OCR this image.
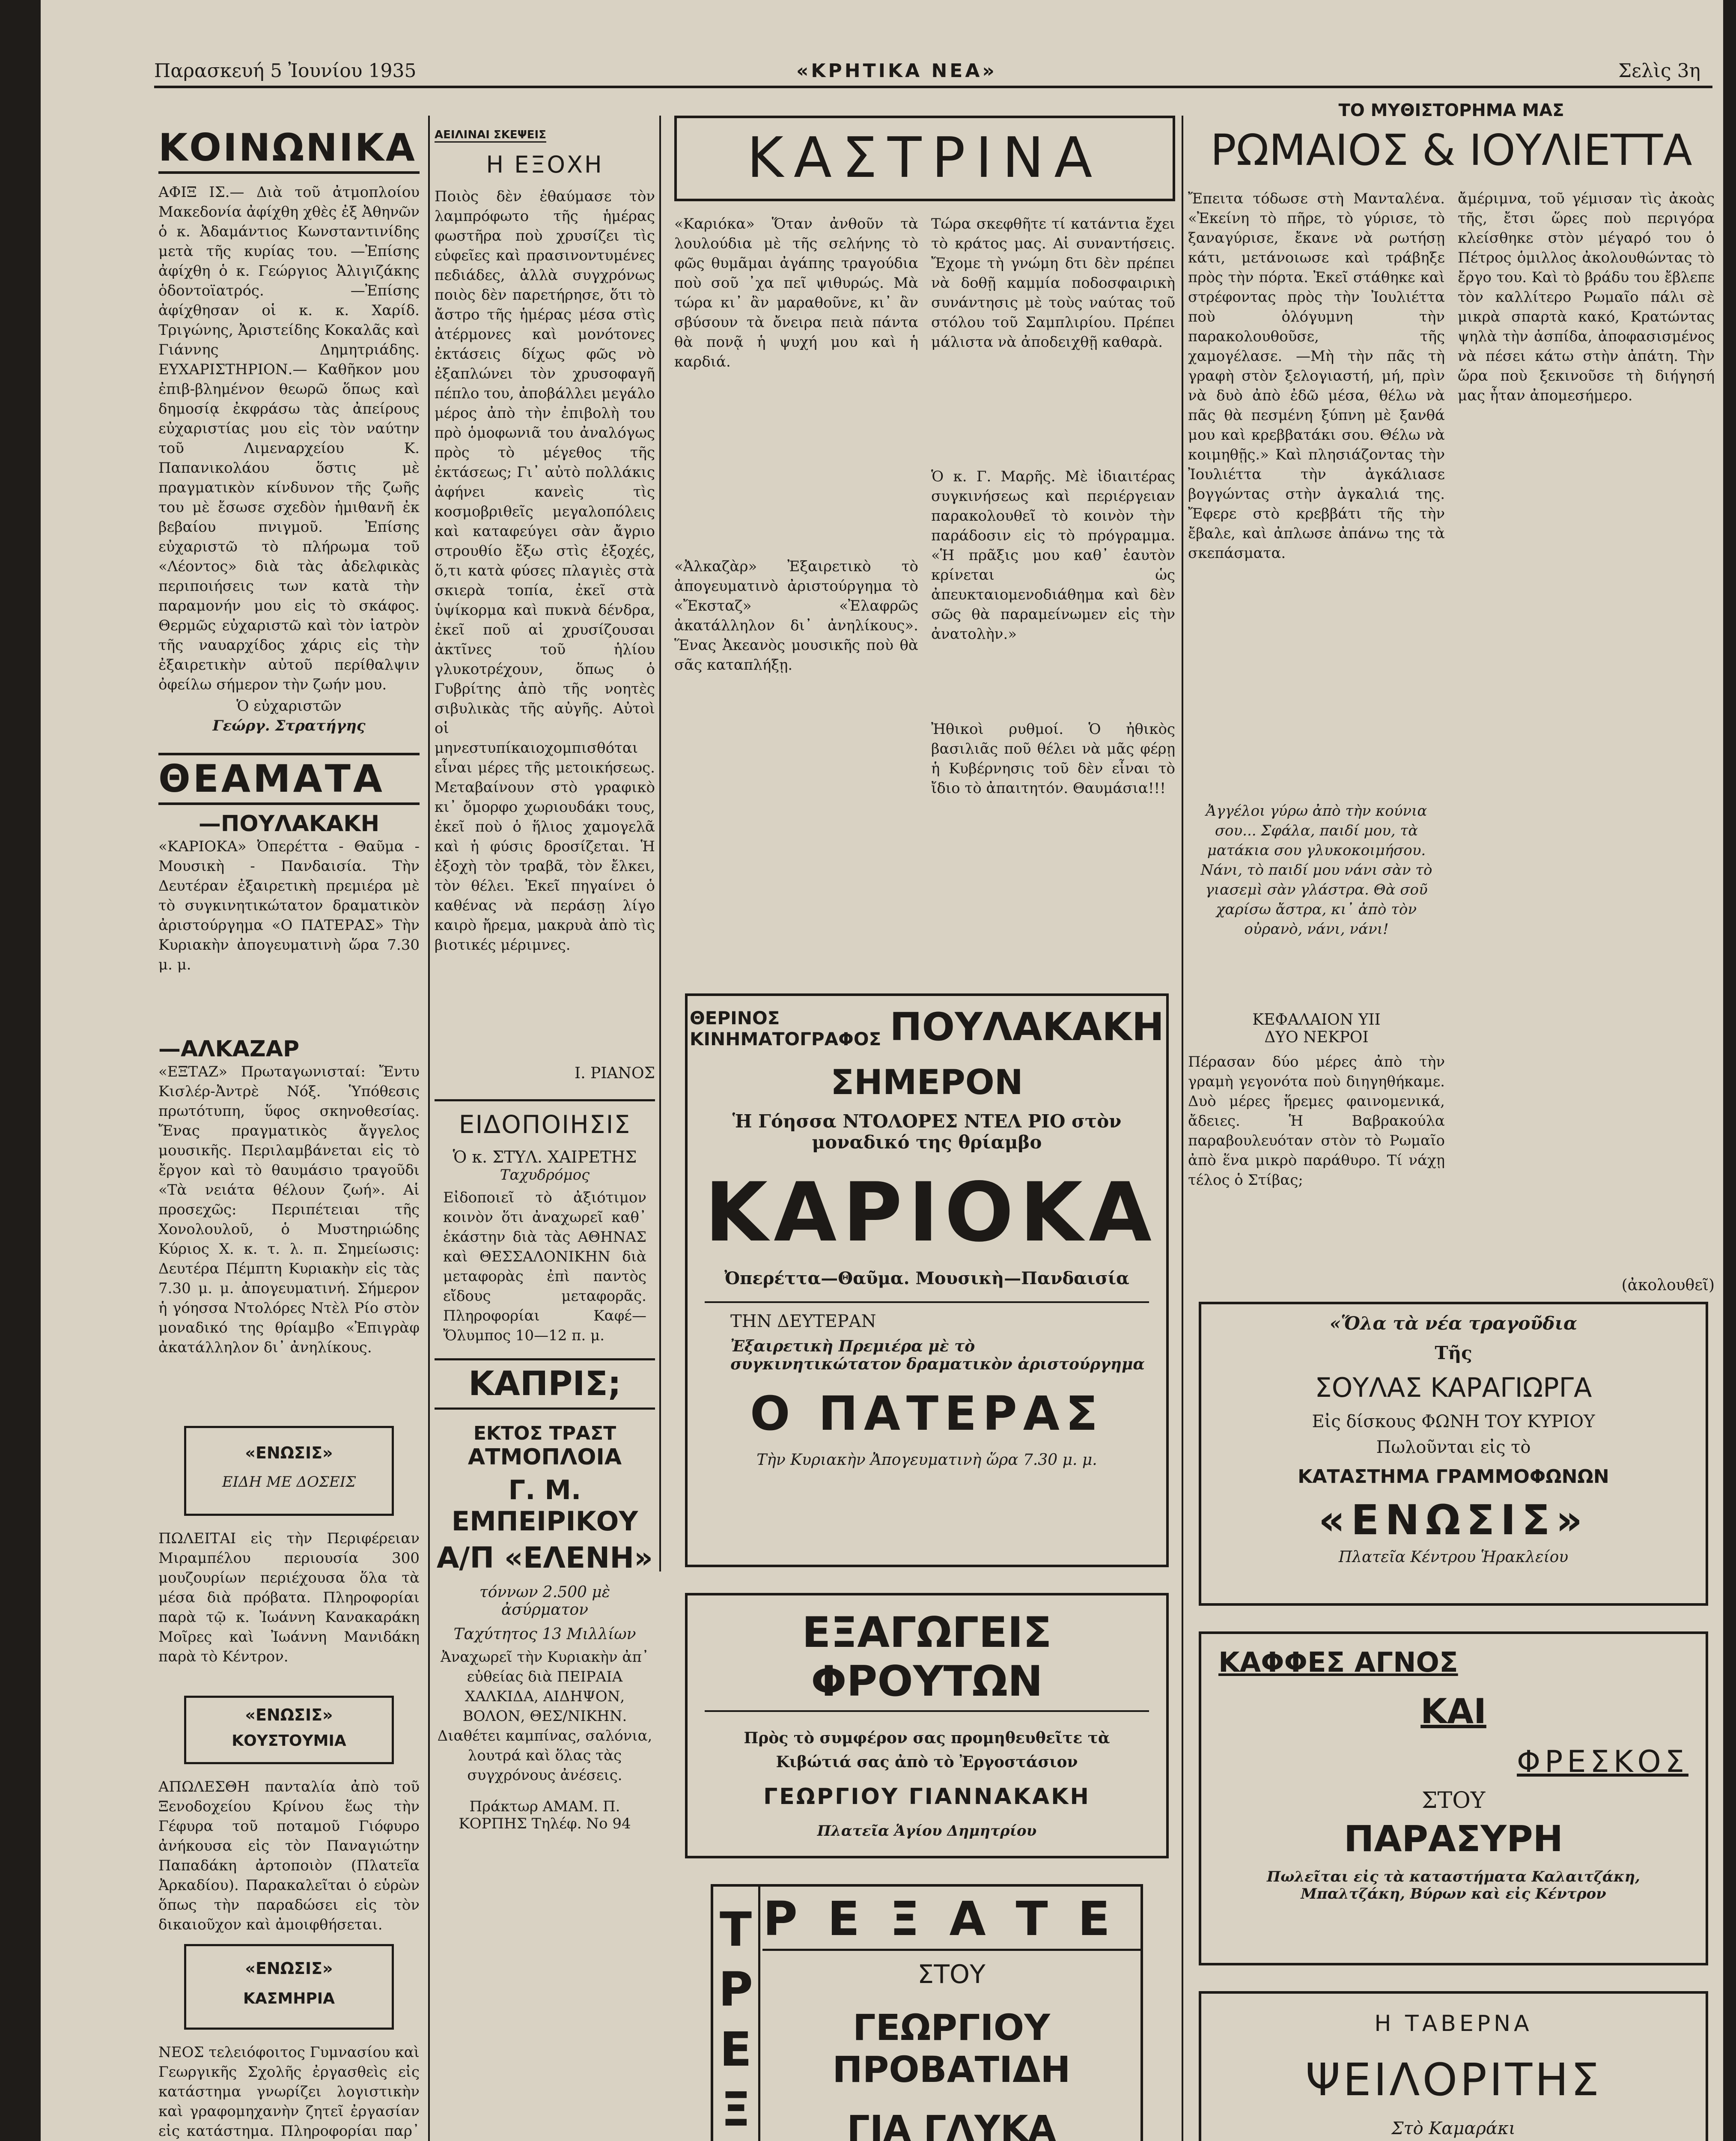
Παρασκευή 5 Ἰουνίου 1935	«ΚΡΗΤΙΚΑ ΝΕΑ»	Σελὶς 3η
ΚΟΙΝΩΝΙΚΑ

ΑΦΙΞ ΙΣ.— Διὰ τοῦ ἀτμοπλοίου Μακεδονία ἀφίχθη χθὲς ἐξ Ἀθηνῶν ὁ κ. Ἀδαμάντιος Κωνσταντινίδης μετὰ τῆς κυρίας του. —Ἐπίσης ἀφίχθη ὁ κ. Γεώργιος Ἀλιγιζάκης ὁδοντοϊατρός. —Ἐπίσης ἀφίχθησαν οἱ κ. κ. Χαρίδ. Τριγώνης, Ἀριστείδης Κοκαλᾶς καὶ Γιάννης Δημητριάδης. ΕΥΧΑΡΙΣΤΗΡΙΟΝ.— Καθῆκον μου ἐπιβ-βλημένον θεωρῶ ὅπως καὶ δημοσίᾳ ἐκφράσω τὰς ἀπείρους εὐχαριστίας μου εἰς τὸν ναύτην τοῦ Λιμεναρχείου Κ. Παπανικολάου ὅστις μὲ πραγματικὸν κίνδυνον τῆς ζωῆς του μὲ ἔσωσε σχεδὸν ἡμιθανῆ ἐκ βεβαίου πνιγμοῦ. Ἐπίσης εὐχαριστῶ τὸ πλήρωμα τοῦ «Λέοντος» διὰ τὰς ἀδελφικὰς περιποιήσεις των κατὰ τὴν παραμονήν μου εἰς τὸ σκάφος. Θερμῶς εὐχαριστῶ καὶ τὸν ἰατρὸν τῆς ναυαρχίδος χάρις εἰς τὴν ἐξαιρετικὴν αὐτοῦ περίθαλψιν ὀφείλω σήμερον τὴν ζωήν μου.

Ὁ εὐχαριστῶν

Γεώργ. Στρατήγης

ΘΕΑΜΑΤΑ
—ΠΟΥΛΑΚΑΚΗ

«ΚΑΡΙΟΚΑ» Ὀπερέττα - Θαῦμα - Μουσικὴ - Πανδαισία. Τὴν Δευτέραν ἐξαιρετικὴ πρεμιέρα μὲ τὸ συγκινητικώτατον δραματικὸν ἀριστούργημα «Ο ΠΑΤΕΡΑΣ» Τὴν Κυριακὴν ἀπογευματινὴ ὥρα 7.30 μ. μ.

—ΑΛΚΑΖΑΡ

«ΕΞΤΑΖ» Πρωταγωνισταί: Ἔντυ Κισλέρ-Ἀντρὲ Νόξ. Ὑπόθεσις πρωτότυπη, ὕφος σκηνοθεσίας. Ἔνας πραγματικὸς ἄγγελος μουσικῆς. Περιλαμβάνεται εἰς τὸ ἔργον καὶ τὸ θαυμάσιο τραγοῦδι «Τὰ νειάτα θέλουν ζωή». Αἱ προσεχῶς: Περιπέτειαι τῆς Χονολουλοῦ, ὁ Μυστηριώδης Κύριος Χ. κ. τ. λ. π. Σημείωσις: Δευτέρα Πέμπτη Κυριακὴν εἰς τὰς 7.30 μ. μ. ἀπογευματινή. Σήμερον ἡ γόησσα Ντολόρες Ντὲλ Ρίο στὸν μοναδικό της θρίαμβο «Ἐπιγρὰφ ἀκατάλληλον δι᾽ ἀνηλίκους.

«ΕΝΩΣΙΣ»
ΕΙΔΗ ΜΕ ΔΟΣΕΙΣ

ΠΩΛΕΙΤΑΙ εἰς τὴν Περιφέρειαν Μιραμπέλου περιουσία 300 μουζουρίων περιέχουσα ὅλα τὰ μέσα διὰ πρόβατα. Πληροφορίαι παρὰ τῷ κ. Ἰωάννη Κανακαράκη Μοῖρες καὶ Ἰωάννη Μανιδάκη παρὰ τὸ Κέντρον.

«ΕΝΩΣΙΣ»
ΚΟΥΣΤΟΥΜΙΑ

ΑΠΩΛΕΣΘΗ πανταλία ἀπὸ τοῦ Ξενοδοχείου Κρίνου ἕως τὴν Γέφυρα τοῦ ποταμοῦ Γιόφυρο ἀνήκουσα εἰς τὸν Παναγιώτην Παπαδάκη ἀρτοποιὸν (Πλατεῖα Ἀρκαδίου). Παρακαλεῖται ὁ εὑρὼν ὅπως τὴν παραδώσει εἰς τὸν δικαιοῦχον καὶ ἀμοιφθήσεται.

«ΕΝΩΣΙΣ»
ΚΑΣΜΗΡΙΑ

ΝΕΟΣ τελειόφοιτος Γυμνασίου καὶ Γεωργικῆς Σχολῆς ἐργασθεὶς εἰς κατάστημα γνωρίζει λογιστικὴν καὶ γραφομηχανὴν ζητεῖ ἐργασίαν εἰς κατάστημα. Πληροφορίαι παρ᾽

ΑΕΙΛΙΝΑΙ ΣΚΕΨΕΙΣ
Η ΕΞΟΧΗ

Ποιὸς δὲν ἐθαύμασε τὸν λαμπρόφωτο τῆς ἡμέρας φωστῆρα ποὺ χρυσίζει τὶς εὐφεῖες καὶ πρασινοντυμένες πεδιάδες, ἀλλὰ συγχρόνως ποιὸς δὲν παρετήρησε, ὅτι τὸ ἄστρο τῆς ἡμέρας μέσα στὶς ἀτέρμονες καὶ μονότονες ἐκτάσεις δίχως φῶς νὸ ἐξαπλώνει τὸν χρυσοφαγῆ πέπλο του, ἀποβάλλει μεγάλο μέρος ἀπὸ τὴν ἐπιβολὴ του πρὸ ὁμοφωνιᾶ του ἀναλόγως πρὸς τὸ μέγεθος τῆς ἐκτάσεως; Γι᾽ αὐτὸ πολλάκις ἀφήνει κανεὶς τὶς κοσμοβριθεῖς μεγαλοπόλεις καὶ καταφεύγει σὰν ἄγριο στρουθίο ἔξω στὶς ἐξοχές, ὅ,τι κατὰ φύσες πλαγιὲς στὰ σκιερὰ τοπία, ἐκεῖ στὰ ὑψίκορμα καὶ πυκνὰ δένδρα, ἐκεῖ ποῦ αἱ χρυσίζουσαι ἀκτῖνες τοῦ ἡλίου γλυκοτρέχουν, ὅπως ὁ Γυβρίτης ἀπὸ τῆς νοητὲς σιβυλικὰς τῆς αὐγῆς. Αὐτοὶ οἱ μηνεστυπίκαιοχομπισθόται εἶναι μέρες τῆς μετοικήσεως. Μεταβαίνουν στὸ γραφικὸ κι᾽ ὄμορφο χωριουδάκι τους, ἐκεῖ ποὺ ὁ ἥλιος χαμογελᾶ καὶ ἡ φύσις δροσίζεται. Ἡ ἐξοχὴ τὸν τραβᾶ, τὸν ἔλκει, τὸν θέλει. Ἐκεῖ πηγαίνει ὁ καθένας νὰ περάσῃ λίγο καιρὸ ἤρεμα, μακρυὰ ἀπὸ τὶς βιοτικές μέριμνες.

Ι. ΡΙΑΝΟΣ
ΕΙΔΟΠΟΙΗΣΙΣ
Ὁ κ. ΣΤΥΛ. ΧΑΙΡΕΤΗΣ
Ταχυδρόμος

Εἰδοποιεῖ τὸ ἀξιότιμον κοινὸν ὅτι ἀναχωρεῖ καθ᾽ ἑκάστην διὰ τὰς ΑΘΗΝΑΣ καὶ ΘΕΣΣΑΛΟΝΙΚΗΝ διὰ μεταφορὰς ἐπὶ παντὸς εἴδους μεταφορᾶς. Πληροφορίαι Καφέ—Ὄλυμπος 10—12 π. μ.

ΚΑΠΡΙΣ;
ΕΚΤΟΣ ΤΡΑΣΤ
ΑΤΜΟΠΛΟΙΑ
Γ. Μ. ΕΜΠΕΙΡΙΚΟΥ
Α/Π «ΕΛΕΝΗ»
τόννων 2.500 μὲ ἀσύρματον
Ταχύτητος 13 Μιλλίων

Ἀναχωρεῖ τὴν Κυριακὴν ἀπ᾽ εὐθείας διὰ ΠΕΙΡΑΙΑ ΧΑΛΚΙΔΑ, ΑΙΔΗΨΟΝ, ΒΟΛΟΝ, ΘΕΣ/ΝΙΚΗΝ. Διαθέτει καμπίνας, σαλόνια, λουτρά καὶ ὅλας τὰς συγχρόνους ἀνέσεις.

Πράκτωρ ΑΜΑΜ. Π. ΚΟΡΠΗΣ Τηλέφ. Νο 94
ΚΑΣΤΡΙΝΑ

«Καριόκα» Ὅταν ἀνθοῦν τὰ λουλούδια μὲ τῆς σελήνης τὸ φῶς θυμᾶμαι ἀγάπης τραγούδια ποὺ σοῦ ᾽χα πεῖ ψιθυρώς. Μὰ τώρα κι᾽ ἂν μαραθοῦνε, κι᾽ ἂν σβύσουν τὰ ὄνειρα πειὰ πάντα θὰ πονᾷ ἡ ψυχή μου καὶ ἡ καρδιά.

«Ἀλκαζὰρ» Ἐξαιρετικὸ τὸ ἀπογευματινὸ ἀριστούργημα τὸ «Ἔκσταζ» «Ἐλαφρῶς ἀκατάλληλον δι᾽ ἀνηλίκους». Ἕνας Ἀκεανὸς μουσικῆς ποὺ θὰ σᾶς καταπλήξῃ.

Τώρα σκεφθῆτε τί κατάντια ἔχει τὸ κράτος μας. Αἱ συναντήσεις. Ἔχομε τὴ γνώμη δτι δὲν πρέπει νὰ δοθῇ καμμία ποδοσφαιρικὴ συνάντησις μὲ τοὺς ναύτας τοῦ στόλου τοῦ Σαμπλιρίου. Πρέπει μάλιστα νὰ ἀποδειχθῇ καθαρὰ.

Ὁ κ. Γ. Μαρῆς. Μὲ ἰδιαιτέρας συγκινήσεως καὶ περιέργειαν παρακολουθεῖ τὸ κοινὸν τὴν παράδοσιν εἰς τὸ πρόγραμμα. «Ἡ πρᾶξις μου καθ᾽ ἑαυτὸν κρίνεται ὡς ἀπευκταιομενοδιάθημα καὶ δὲν σῶς θὰ παραμείνωμεν εἰς τὴν ἀνατολὴν.»

Ἠθικοὶ ρυθμοί. Ὁ ἠθικὸς βασιλιᾶς ποῦ θέλει νὰ μᾶς φέρῃ ἡ Κυβέρνησις τοῦ δὲν εἶναι τὸ ἴδιο τὸ ἀπαιτητόν. Θαυμάσια!!!

ΘΕΡΙΝΟΣ ΚΙΝΗΜΑΤΟΓΡΑΦΟΣ ΠΟΥΛΑΚΑΚΗ
ΣΗΜΕΡΟΝ
Ἡ Γόησσα ΝΤΟΛΟΡΕΣ ΝΤΕΛ ΡΙΟ στὸν μοναδικό της θρίαμβο
ΚΑΡΙΟΚΑ
Ὀπερέττα—Θαῦμα. Μουσικὴ—Πανδαισία
ΤΗΝ ΔΕΥΤΕΡΑΝ
Ἐξαιρετικὴ Πρεμιέρα μὲ τὸ συγκινητικώτατον δραματικὸν ἀριστούργημα
Ο ΠΑΤΕΡΑΣ
Τὴν Κυριακὴν Ἀπογευματινὴ ὥρα 7.30 μ. μ.
ΕΞΑΓΩΓΕΙΣ ΦΡΟΥΤΩΝ
Πρὸς τὸ συμφέρον σας προμηθευθεῖτε τὰ
Κιβώτιά σας ἀπὸ τὸ Ἐργοστάσιον
ΓΕΩΡΓΙΟΥ ΓΙΑΝΝΑΚΑΚΗ
Πλατεῖα Ἁγίου Δημητρίου
Τ
Ρ
Ε
Ξ
ΡΕΞΑΤΕ
ΣΤΟΥ
ΓΕΩΡΓΙΟΥ ΠΡΟΒΑΤΙΔΗ
ΓΙΑ ΓΛΥΚΑ
ΤΟ ΜΥΘΙΣΤΟΡΗΜΑ ΜΑΣ
ΡΩΜΑΙΟΣ & ΙΟΥΛΙΕΤΤΑ

Ἔπειτα τόδωσε στὴ Μανταλένα. «Ἐκείνη τὸ πῆρε, τὸ γύρισε, τὸ ξαναγύρισε, ἔκανε νὰ ρωτήσῃ κάτι, μετάνοιωσε καὶ τράβηξε πρὸς τὴν πόρτα. Ἐκεῖ στάθηκε καὶ στρέφοντας πρὸς τὴν Ἰουλιέττα ποὺ ὁλόγυμνη τὴν παρακολουθοῦσε, τῆς χαμογέλασε. —Μὴ τὴν πᾶς τὴ γραφὴ στὸν ξελογιαστή, μή, πρὶν νὰ δυὸ ἀπὸ ἐδῶ μέσα, θέλω νὰ πᾶς θὰ πεσμένη ξύπνη μὲ ξανθά μου καὶ κρεββατάκι σου. Θέλω νὰ κοιμηθῇς.» Καὶ πλησιάζοντας τὴν Ἰουλιέττα τὴν ἀγκάλιασε βογγώντας στὴν ἀγκαλιά της. Ἔφερε στὸ κρεββάτι τῆς τὴν ἔβαλε, καὶ ἀπλωσε ἀπάνω της τὰ σκεπάσματα.

Ἀγγέλοι γύρω ἀπὸ τὴν κούνια σου... Σφάλα, παιδί μου, τὰ ματάκια σου γλυκοκοιμήσου. Νάνι, τὸ παιδί μου νάνι σὰν τὸ γιασεμὶ σὰν γλάστρα. Θὰ σοῦ χαρίσω ἄστρα, κι᾽ ἀπὸ τὸν οὐρανὸ, νάνι, νάνι!

ΚΕΦΑΛΑΙΟΝ ΥΙΙ
ΔΥΟ ΝΕΚΡΟΙ

Πέρασαν δύο μέρες ἀπὸ τὴν γραμὴ γεγονότα ποὺ διηγηθήκαμε. Δυὸ μέρες ἥρεμες φαινομενικά, ἄδειες. Ἡ Βαβρακούλα παραβουλευόταν στὸν τὸ Ρωμαῖο ἀπὸ ἕνα μικρὸ παράθυρο. Τί νάχῃ τέλος ὁ Στίβας;

ἄμέριμνα, τοῦ γέμισαν τὶς ἀκοὰς τῆς, ἔτσι ὥρες ποὺ περιγόρα κλείσθηκε στὸν μέγαρό του ὁ Πέτρος ὁμιλλος ἀκολουθώντας τὸ ἔργο του. Καὶ τὸ βράδυ του ἔβλεπε τὸν καλλίτερο Ρωμαῖο πάλι σὲ μικρὰ σπαρτὰ κακό, Κρατώντας ψηλὰ τὴν ἀσπίδα, ἀποφασισμένος νὰ πέσει κάτω στὴν ἀπάτη. Τὴν ὥρα ποὺ ξεκινοῦσε τὴ διήγησή μας ἦταν ἀπομεσήμερο.

(ἀκολουθεῖ)
«Ὅλα τὰ νέα τραγοῦδια
Τῆς
ΣΟΥΛΑΣ ΚΑΡΑΓΙΩΡΓΑ
Εἰς δίσκους ΦΩΝΗ ΤΟΥ ΚΥΡΙΟΥ
Πωλοῦνται εἰς τὸ
ΚΑΤΑΣΤΗΜΑ ΓΡΑΜΜΟΦΩΝΩΝ
«ΕΝΩΣΙΣ»
Πλατεῖα Κέντρου Ἡρακλείου
ΚΑΦΦΕΣ ΑΓΝΟΣ
ΚΑΙ
ΦΡΕΣΚΟΣ
ΣΤΟΥ
ΠΑΡΑΣΥΡΗ
Πωλεῖται εἰς τὰ καταστήματα Καλαιτζάκη, Μπαλτζάκη, Βύρων καὶ εἰς Κέντρον
Η ΤΑΒΕΡΝΑ
ΨΕΙΛΟΡΙΤΗΣ
Στὸ Καμαράκι
